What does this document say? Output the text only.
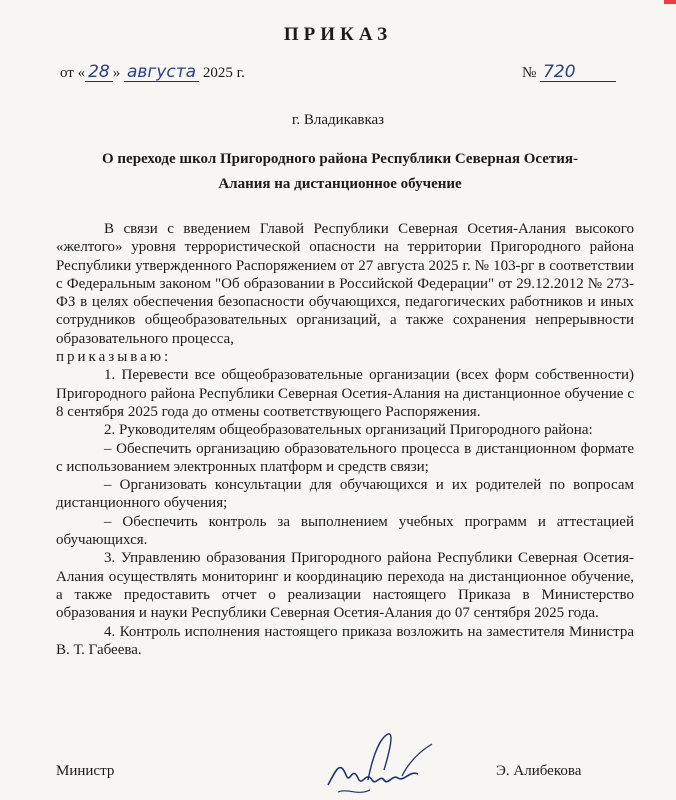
ПРИКАЗ
от « 28 » августа 2025 г.	№ 720
г. Владикавказ
О переходе школ Пригородного района Республики Северная Осетия-Алания на дистанционное обучение

В связи с введением Главой Республики Северная Осетия-Алания высокого «желтого» уровня террористической опасности на территории Пригородного района Республики утвержденного Распоряжением от 27 августа 2025 г. № 103-рг в соответствии с Федеральным законом "Об образовании в Российской Федерации" от 29.12.2012 № 273-ФЗ в целях обеспечения безопасности обучающихся, педагогических работников и иных сотрудников общеобразовательных организаций, а также сохранения непрерывности образовательного процесса,

приказываю:

1. Перевести все общеобразовательные организации (всех форм собственности) Пригородного района Республики Северная Осетия-Алания на дистанционное обучение с 8 сентября 2025 года до отмены соответствующего Распоряжения.

2. Руководителям общеобразовательных организаций Пригородного района:

– Обеспечить организацию образовательного процесса в дистанционном формате с использованием электронных платформ и средств связи;

– Организовать консультации для обучающихся и их родителей по вопросам дистанционного обучения;

– Обеспечить контроль за выполнением учебных программ и аттестацией обучающихся.

3. Управлению образования Пригородного района Республики Северная Осетия-Алания осуществлять мониторинг и координацию перехода на дистанционное обучение, а также предоставить отчет о реализации настоящего Приказа в Министерство образования и науки Республики Северная Осетия-Алания до 07 сентября 2025 года.

4. Контроль исполнения настоящего приказа возложить на заместителя Министра В. Т. Габеева.

Министр	Э. Алибекова
